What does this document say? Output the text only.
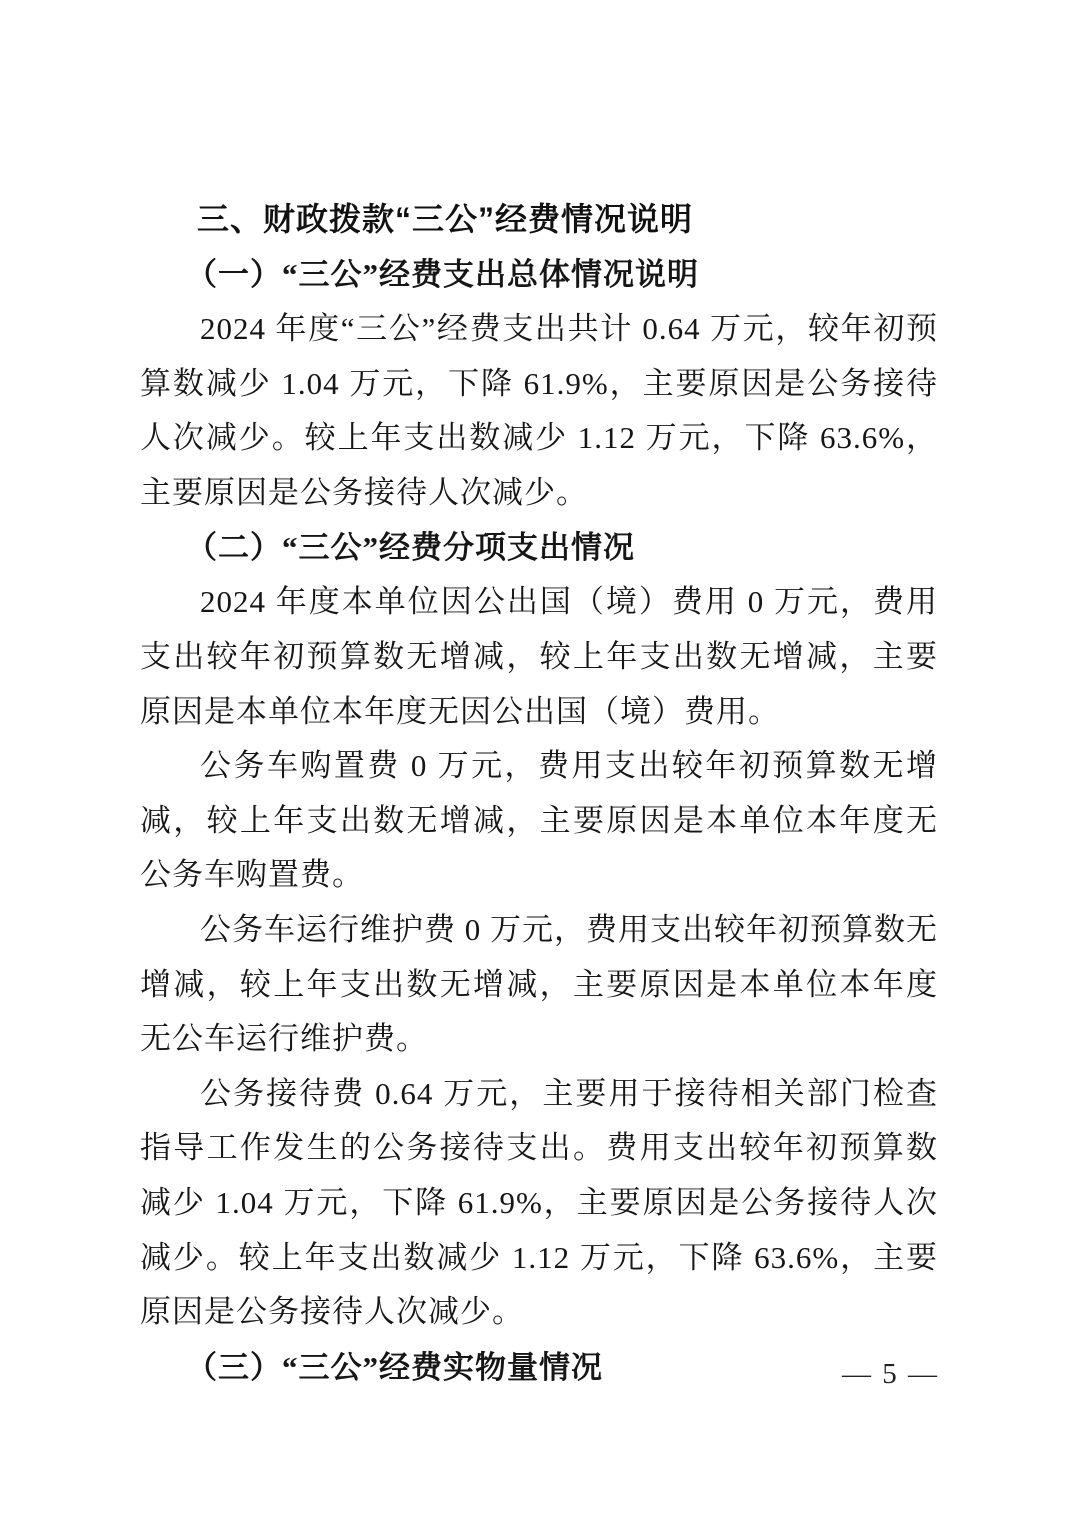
三、财政拨款“三公”经费情况说明
（一）“三公”经费支出总体情况说明

2024 年度“三公”经费支出共计 0.64 万元，较年初预算数减少 1.04 万元，下降 61.9%，主要原因是公务接待人次减少。较上年支出数减少 1.12 万元，下降 63.6%，主要原因是公务接待人次减少。

（二）“三公”经费分项支出情况

2024 年度本单位因公出国（境）费用 0 万元，费用支出较年初预算数无增减，较上年支出数无增减，主要原因是本单位本年度无因公出国（境）费用。

公务车购置费 0 万元，费用支出较年初预算数无增减，较上年支出数无增减，主要原因是本单位本年度无公务车购置费。

公务车运行维护费 0 万元，费用支出较年初预算数无增减，较上年支出数无增减，主要原因是本单位本年度无公车运行维护费。

公务接待费 0.64 万元，主要用于接待相关部门检查指导工作发生的公务接待支出。费用支出较年初预算数减少 1.04 万元，下降 61.9%，主要原因是公务接待人次减少。较上年支出数减少 1.12 万元，下降 63.6%，主要原因是公务接待人次减少。

（三）“三公”经费实物量情况	— 5 —
